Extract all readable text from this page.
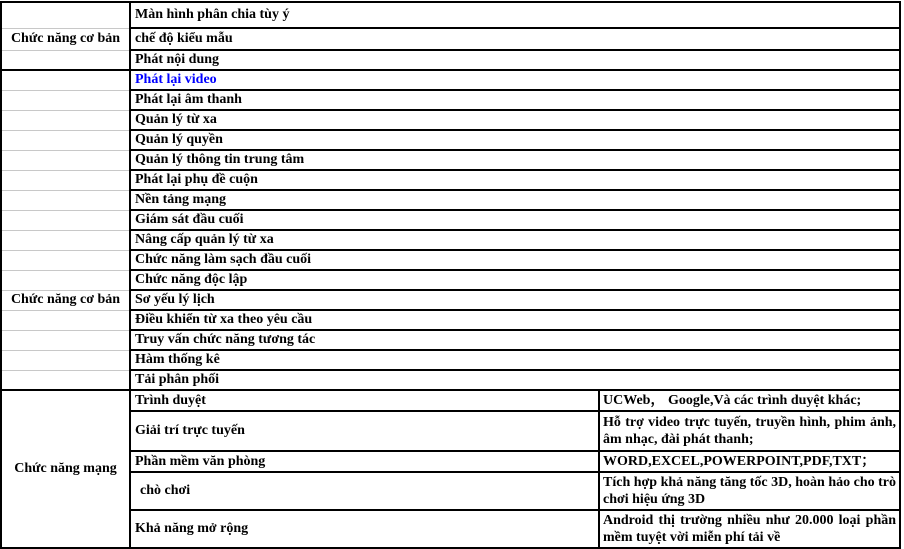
	Màn hình phân chia tùy ý	
Chức năng cơ bản	chế độ kiểu mẫu	
	Phát nội dung	
	Phát lại video	
	Phát lại âm thanh	
	Quản lý từ xa	
	Quản lý quyền	
	Quản lý thông tin trung tâm	
	Phát lại phụ đề cuộn	
	Nền tảng mạng	
	Giám sát đầu cuối	
	Nâng cấp quản lý từ xa	
	Chức năng làm sạch đầu cuối	
	Chức năng độc lập	
Chức năng cơ bản	Sơ yếu lý lịch	
	Điều khiển từ xa theo yêu cầu	
	Truy vấn chức năng tương tác	
	Hàm thống kê	
	Tải phân phối	
Chức năng mạng	Trình duyệt	UCWeb， Google,Và các trình duyệt khác;
	Giải trí trực tuyến	Hỗ trợ video trực tuyến, truyền hình, phim ảnh, âm nhạc, đài phát thanh;
	Phần mềm văn phòng	WORD,EXCEL,POWERPOINT,PDF,TXT；
	chò chơi	Tích hợp khả năng tăng tốc 3D, hoàn hảo cho trò chơi hiệu ứng 3D
	Khả năng mở rộng	Android thị trường nhiều như 20.000 loại phần mềm tuyệt vời miễn phí tải về
